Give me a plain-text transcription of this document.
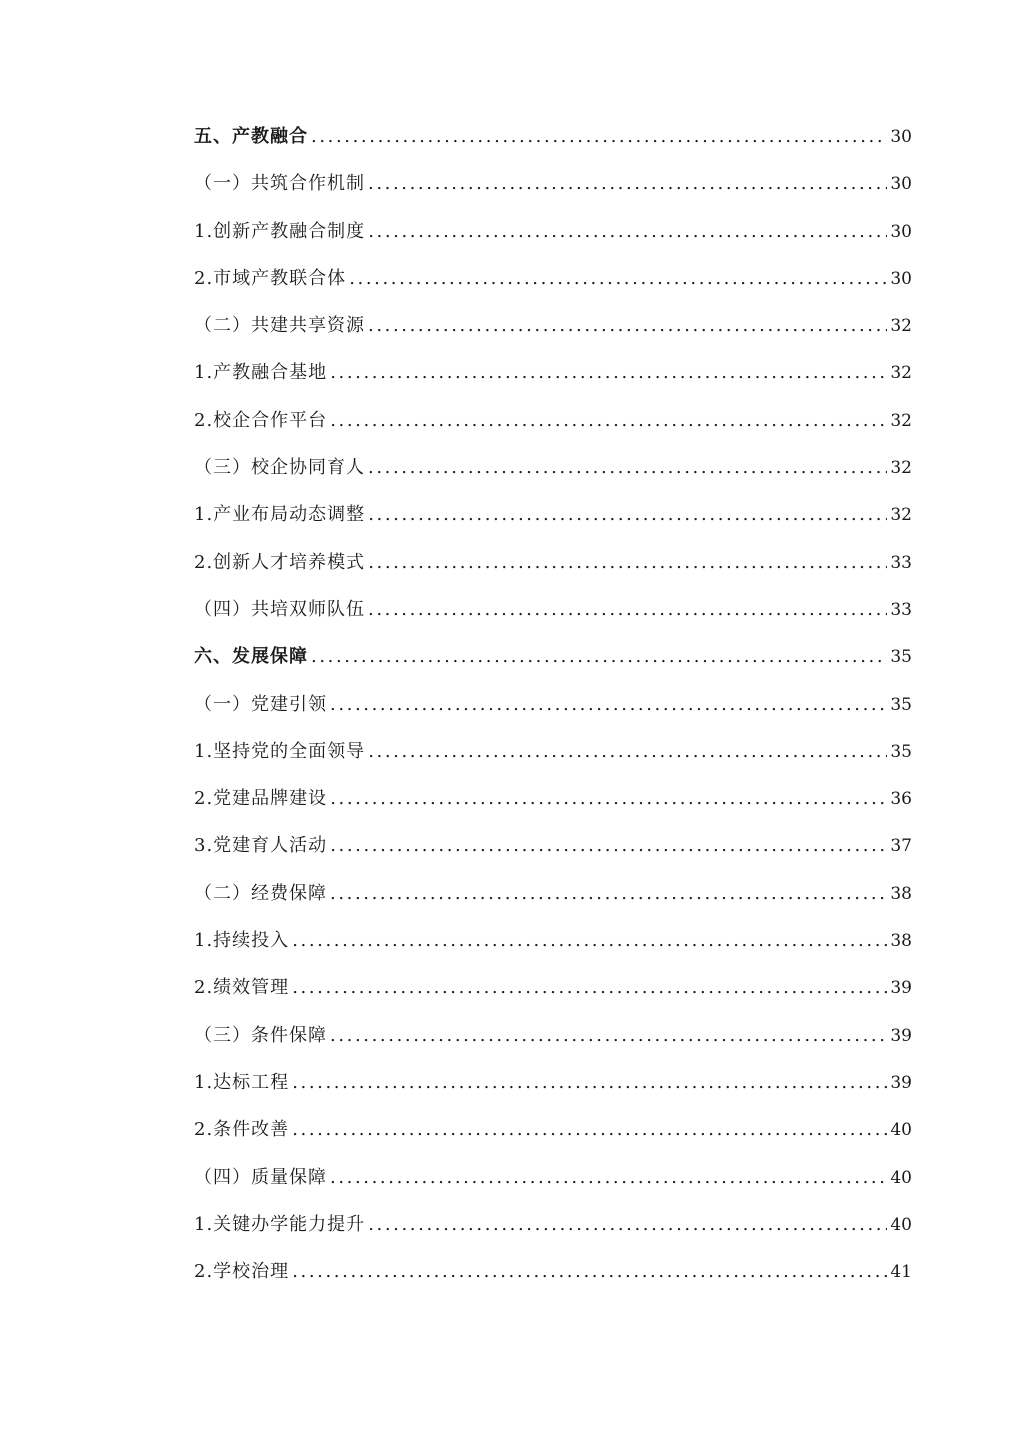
五、产教融合 .....	30
（一）共筑合作机制 .....	30
1.创新产教融合制度 .....	30
2.市域产教联合体 .....	30
（二）共建共享资源 .....	32
1.产教融合基地 .....	32
2.校企合作平台 .....	32
（三）校企协同育人 .....	32
1.产业布局动态调整 .....	32
2.创新人才培养模式 .....	33
（四）共培双师队伍 .....	33
六、发展保障 .....	35
（一）党建引领 .....	35
1.坚持党的全面领导 .....	35
2.党建品牌建设 .....	36
3.党建育人活动 .....	37
（二）经费保障 .....	38
1.持续投入 .....	38
2.绩效管理 .....	39
（三）条件保障 .....	39
1.达标工程 .....	39
2.条件改善 .....	40
（四）质量保障 .....	40
1.关键办学能力提升 .....	40
2.学校治理 .....	41
